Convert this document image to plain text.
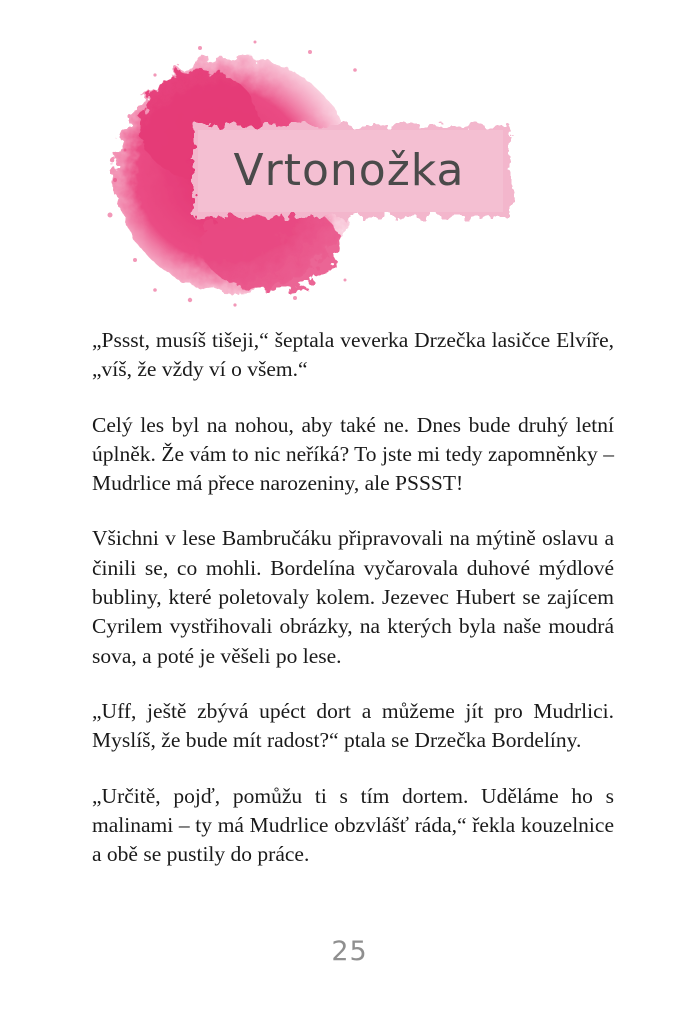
Vrtonožka

„Pssst, musíš tišeji,“ šeptala veverka Drzečka lasičce Elvíře, „víš, že vždy ví o všem.“

Celý les byl na nohou, aby také ne. Dnes bude druhý letní úplněk. Že vám to nic neříká? To jste mi tedy zapomněnky – Mudrlice má přece narozeniny, ale PSSST!

Všichni v lese Bambručáku připravovali na mýtině oslavu a činili se, co mohli. Bordelína vyčarovala duhové mýdlové bubliny, které poletovaly kolem. Jezevec Hubert se zajícem Cyrilem vystřihovali obrázky, na kterých byla naše moudrá sova, a poté je věšeli po lese.

„Uff, ještě zbývá upéct dort a můžeme jít pro Mudrlici. Myslíš, že bude mít radost?“ ptala se Drzečka Bordelíny.

„Určitě, pojď, pomůžu ti s tím dortem. Uděláme ho s malinami – ty má Mudrlice obzvlášť ráda,“ řekla kouzelnice a obě se pustily do práce.

25
